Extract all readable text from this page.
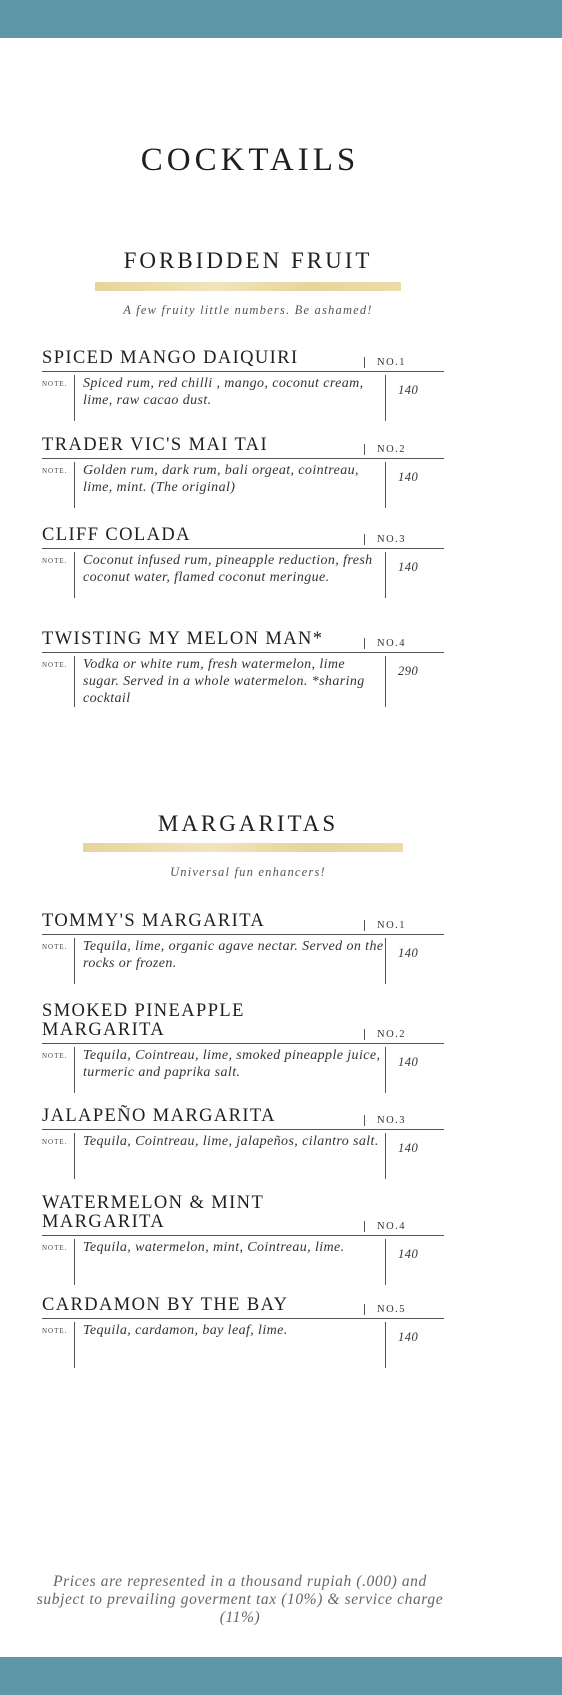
COCKTAILS
FORBIDDEN FRUIT
A few fruity little numbers. Be ashamed!
SPICED MANGO DAIQUIRI	NO.1
NOTE.	Spiced rum, red chilli , mango, coconut cream, lime, raw cacao dust.
140
TRADER VIC'S MAI TAI	NO.2
NOTE.	Golden rum, dark rum, bali orgeat, cointreau, lime, mint. (The original)
140
CLIFF COLADA	NO.3
NOTE.	Coconut infused rum, pineapple reduction, fresh coconut water, flamed coconut meringue.
140
TWISTING MY MELON MAN*	NO.4
NOTE.	Vodka or white rum, fresh watermelon, lime sugar. Served in a whole watermelon. *sharing cocktail
290
MARGARITAS
Universal fun enhancers!
TOMMY'S MARGARITA	NO.1
NOTE.	Tequila, lime, organic agave nectar. Served on the rocks or frozen.
140
SMOKED PINEAPPLE MARGARITA	NO.2
NOTE.	Tequila, Cointreau, lime, smoked pineapple juice, turmeric and paprika salt.
140
JALAPEÑO MARGARITA	NO.3
NOTE.	Tequila, Cointreau, lime, jalapeños, cilantro salt.	140
WATERMELON & MINT MARGARITA	NO.4
NOTE.	Tequila, watermelon, mint, Cointreau, lime.	140
CARDAMON BY THE BAY	NO.5
NOTE.	Tequila, cardamon, bay leaf, lime.	140
Prices are represented in a thousand rupiah (.000) and subject to prevailing goverment tax (10%) & service charge (11%)
